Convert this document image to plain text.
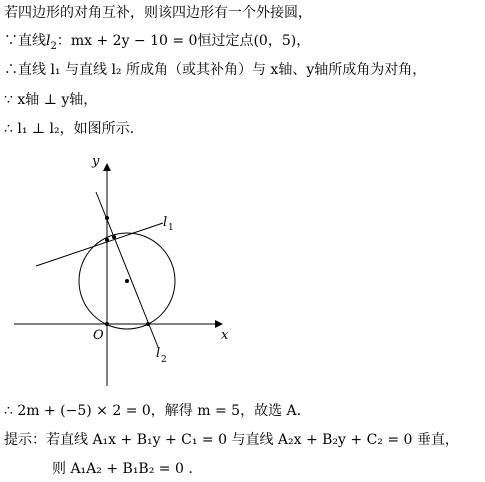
若四边形的对角互补，则该四边形有一个外接圆，
∵直线$l_2$：mx + 2y − 10 = 0恒过定点(0，5)，
∴直线 l₁ 与直线 l₂ 所成角（或其补角）与 x轴、y轴所成角为对角，
∵ x轴 ⊥ y轴，
∴ l₁ ⊥ l₂，如图所示.
y
x
O
l 1
l 2
∴ 2m + (−5) × 2 = 0，解得 m = 5，故选 A.
提示：若直线 A₁x + B₁y + C₁ = 0 与直线 A₂x + B₂y + C₂ = 0 垂直，
则 A₁A₂ + B₁B₂ = 0 .
